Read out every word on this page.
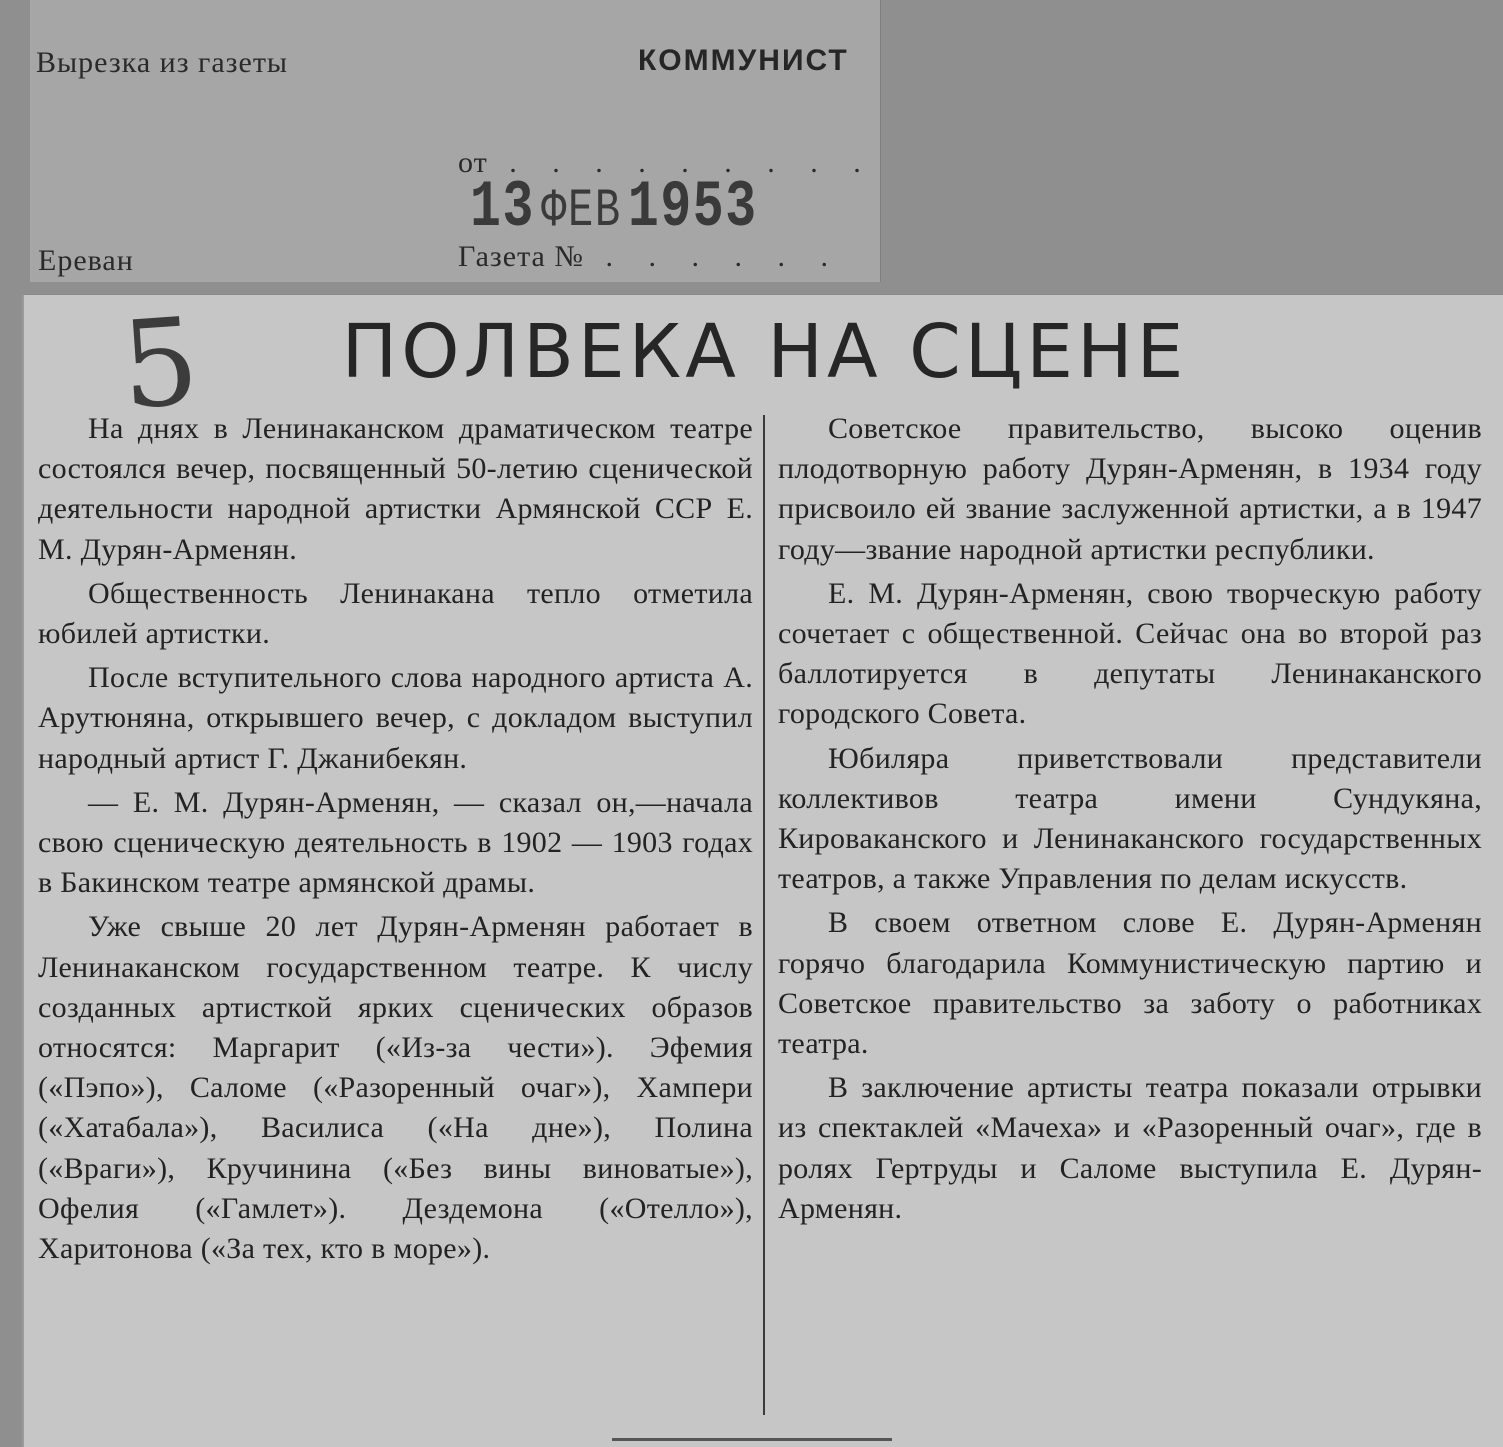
Вырезка из газеты	КОММУНИСТ
от . . . . . . . . .
13 ФЕВ1953
Ереван	Газета № . . . . . .
5	ПОЛВЕКА НА СЦЕНЕ

На днях в Ленинаканском драматическом театре состоялся вечер, посвященный 50-летию сценической деятельности народной артистки Армянской ССР Е. М. Дурян-Арменян.

Общественность Ленинакана тепло отметила юбилей артистки.

После вступительного слова народного артиста А. Арутюняна, открывшего вечер, с докладом выступил народный артист Г. Джанибекян.

— Е. М. Дурян-Арменян, — сказал он,—начала свою сценическую деятельность в 1902 — 1903 годах в Бакинском театре армянской драмы.

Уже свыше 20 лет Дурян-Арменян работает в Ленинаканском государственном театре. К числу созданных артисткой ярких сценических образов относятся: Маргарит («Из-за чести»). Эфемия («Пэпо»), Саломе («Разоренный очаг»), Хампери («Хатабала»), Василиса («На дне»), Полина («Враги»), Кручинина («Без вины виноватые»), Офелия («Гамлет»). Дездемона («Отелло»), Харитонова («За тех, кто в море»).

Советское правительство, высоко оценив плодотворную работу Дурян-Арменян, в 1934 году присвоило ей звание заслуженной артистки, а в 1947 году—звание народной артистки республики.

Е. М. Дурян-Арменян, свою творческую работу сочетает с общественной. Сейчас она во второй раз баллотируется в депутаты Ленинаканского городского Совета.

Юбиляра приветствовали представители коллективов театра имени Сундукяна, Кироваканского и Ленинаканского государственных театров, а также Управления по делам искусств.

В своем ответном слове Е. Дурян-Арменян горячо благодарила Коммунистическую партию и Советское правительство за заботу о работниках театра.

В заключение артисты театра показали отрывки из спектаклей «Мачеха» и «Разоренный очаг», где в ролях Гертруды и Саломе выступила Е. Дурян-Арменян.
